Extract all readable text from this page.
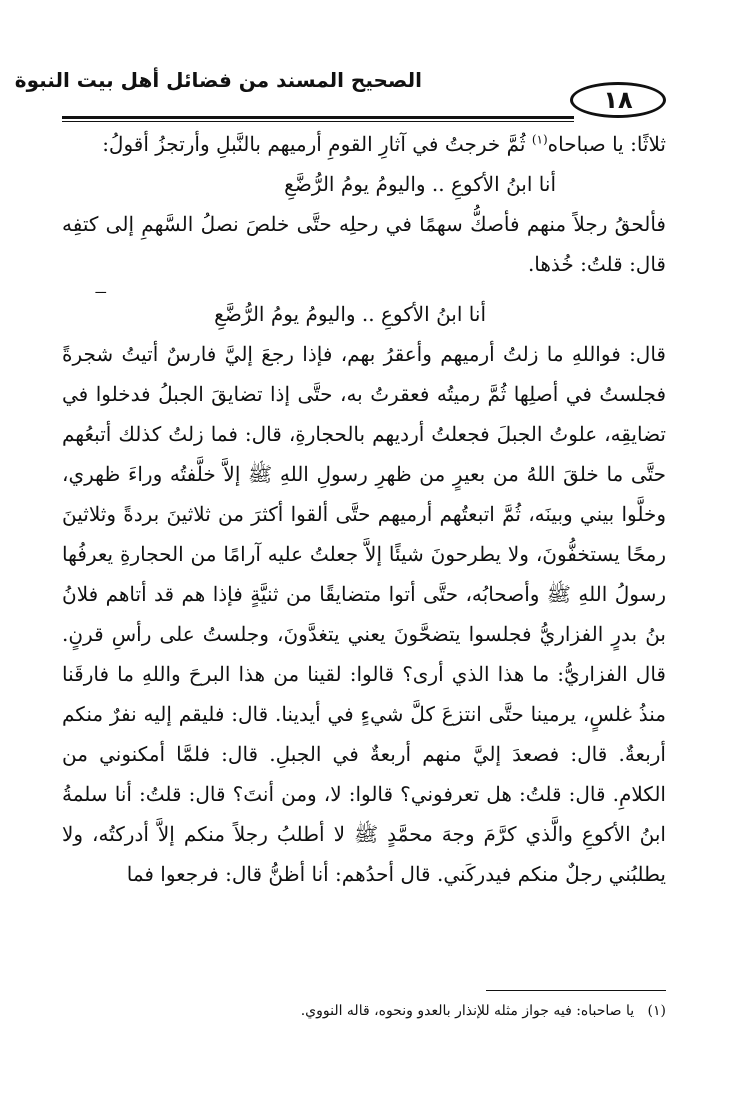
الصحيح المسند من فضائل أهل بيت النبوة
١٨

ثلاثًا: يا صباحاه$^{(١)}$ ثُمَّ خرجتُ في آثارِ القومِ أرميهم بالنَّبلِ وأرتجزُ أقولُ:

أنا ابنُ الأكوعِ .. واليومُ يومُ الرُّضَّعِ

فألحقُ رجلاً منهم فأصكُّ سهمًا في رحلِه حتَّى خلصَ نصلُ السَّهمِ إلى كتفِه قال: قلتُ: خُذها.

ـــ

أنا ابنُ الأكوعِ .. واليومُ يومُ الرُّضَّعِ

قال: فواللهِ ما زلتُ أرميهم وأعقرُ بهم، فإذا رجعَ إليَّ فارسٌ أتيتُ شجرةً فجلستُ في أصلِها ثُمَّ رميتُه فعقرتُ به، حتَّى إذا تضايقَ الجبلُ فدخلوا في تضايقِه، علوتُ الجبلَ فجعلتُ أرديهم بالحجارةِ، قال: فما زلتُ كذلك أتبعُهم حتَّى ما خلقَ اللهُ من بعيرٍ من ظهرِ رسولِ اللهِ ﷺ إلاَّ خلَّفتُه وراءَ ظهري، وخلَّوا بيني وبينَه، ثُمَّ اتبعتُهم أرميهم حتَّى ألقوا أكثرَ من ثلاثينَ بردةً وثلاثينَ رمحًا يستخفُّونَ، ولا يطرحونَ شيئًا إلاَّ جعلتُ عليه آرامًا من الحجارةِ يعرفُها رسولُ اللهِ ﷺ وأصحابُه، حتَّى أتوا متضايقًا من ثنيَّةٍ فإذا هم قد أتاهم فلانُ بنُ بدرٍ الفزاريُّ فجلسوا يتضحَّونَ يعني يتغدَّونَ، وجلستُ على رأسِ قرنٍ. قال الفزاريُّ: ما هذا الذي أرى؟ قالوا: لقينا من هذا البرحَ واللهِ ما فارقَنا منذُ غلسٍ، يرمينا حتَّى انتزعَ كلَّ شيءٍ في أيدينا. قال: فليقم إليه نفرٌ منكم أربعةٌ. قال: فصعدَ إليَّ منهم أربعةٌ في الجبلِ. قال: فلمَّا أمكنوني من الكلامِ. قال: قلتُ: هل تعرفوني؟ قالوا: لا، ومن أنتَ؟ قال: قلتُ: أنا سلمةُ ابنُ الأكوعِ والَّذي كرَّمَ وجهَ محمَّدٍ ﷺ لا أطلبُ رجلاً منكم إلاَّ أدركتُه، ولا يطلبُني رجلٌ منكم فيدركَني. قال أحدُهم: أنا أظنُّ قال: فرجعوا فما

(١)   يا صاحباه: فيه جواز مثله للإنذار بالعدو ونحوه، قاله النووي.
